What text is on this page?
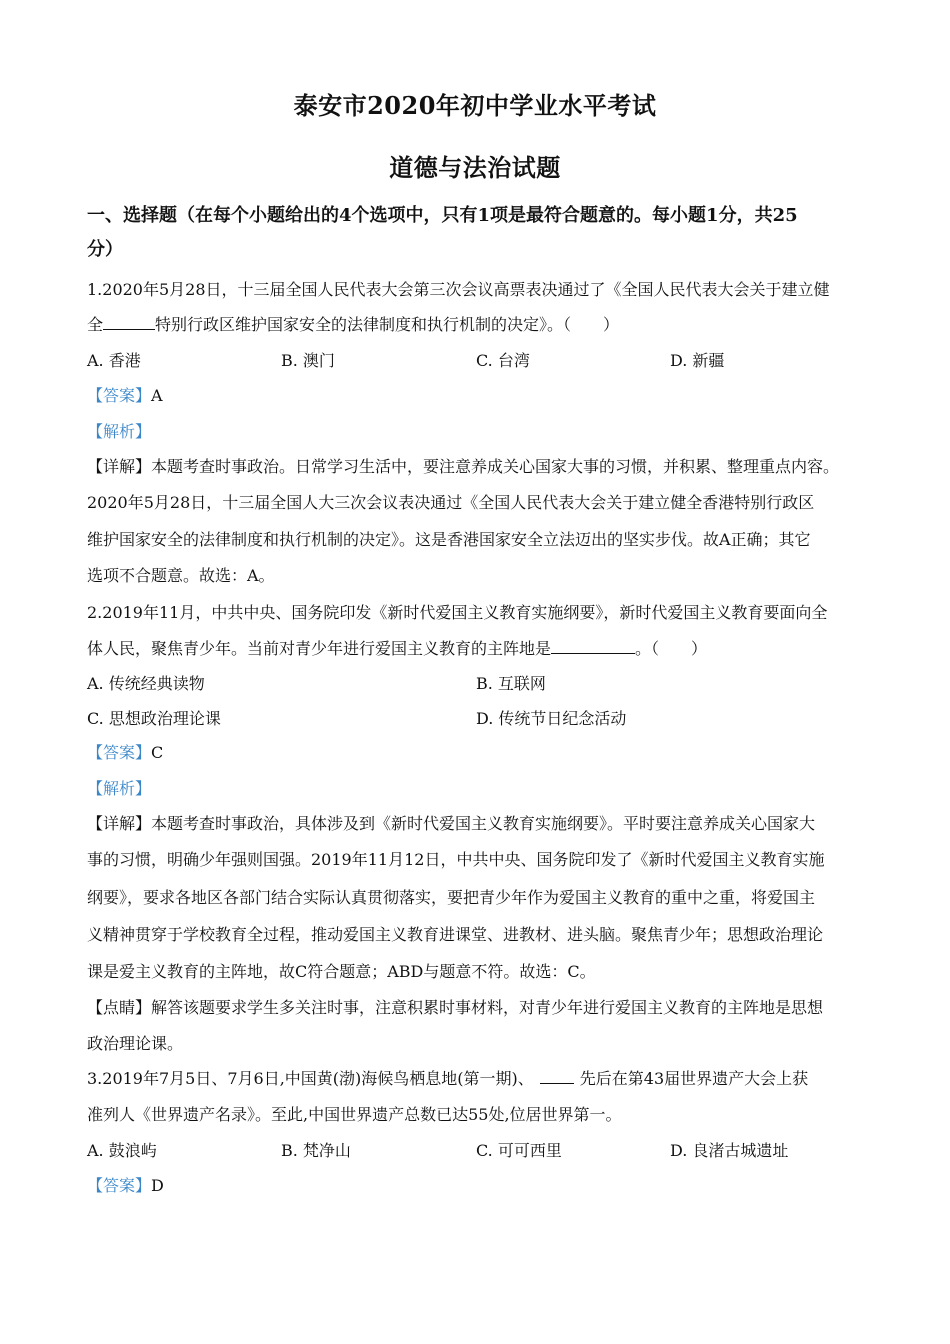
泰安市2020年初中学业水平考试
道德与法治试题
一、选择题（在每个小题给出的4个选项中，只有1项是最符合题意的。每小题1分，共25
分）
1.2020年5月28日，十三届全国人民代表大会第三次会议高票表决通过了《全国人民代表大会关于建立健
全	特别行政区维护国家安全的法律制度和执行机制的决定》。（　　）
A. 香港	B. 澳门	C. 台湾	D. 新疆
【答案】A
【解析】
【详解】本题考查时事政治。日常学习生活中，要注意养成关心国家大事的习惯，并积累、整理重点内容。
2020年5月28日，十三届全国人大三次会议表决通过《全国人民代表大会关于建立健全香港特别行政区
维护国家安全的法律制度和执行机制的决定》。这是香港国家安全立法迈出的坚实步伐。故A正确；其它
选项不合题意。故选：A。
2.2019年11月，中共中央、国务院印发《新时代爱国主义教育实施纲要》，新时代爱国主义教育要面向全
体人民，聚焦青少年。当前对青少年进行爱国主义教育的主阵地是	。（　　）
A. 传统经典读物	B. 互联网
C. 思想政治理论课	D. 传统节日纪念活动
【答案】C
【解析】
【详解】本题考查时事政治，具体涉及到《新时代爱国主义教育实施纲要》。平时要注意养成关心国家大
事的习惯，明确少年强则国强。2019年11月12日，中共中央、国务院印发了《新时代爱国主义教育实施
纲要》，要求各地区各部门结合实际认真贯彻落实，要把青少年作为爱国主义教育的重中之重，将爱国主
义精神贯穿于学校教育全过程，推动爱国主义教育进课堂、进教材、进头脑。聚焦青少年；思想政治理论
课是爱主义教育的主阵地，故C符合题意；ABD与题意不符。故选：C。
【点睛】解答该题要求学生多关注时事，注意积累时事材料，对青少年进行爱国主义教育的主阵地是思想
政治理论课。
3.2019年7月5日、7月6日,中国黄(渤)海候鸟栖息地(第一期)、	先后在第43届世界遗产大会上获
准列人《世界遗产名录》。至此,中国世界遗产总数已达55处,位居世界第一。
A. 鼓浪屿	B. 梵净山	C. 可可西里	D. 良渚古城遗址
【答案】D
